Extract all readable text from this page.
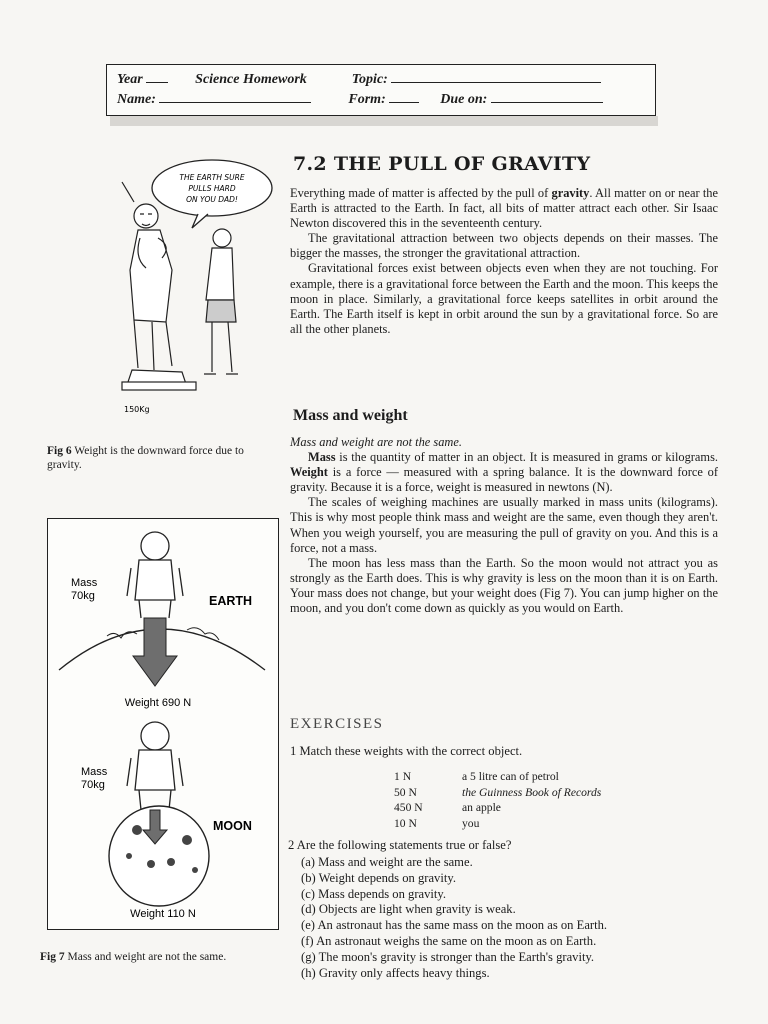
Year	Science Homework	Topic:
Name:	Form:	Due on:
7.2 THE PULL OF GRAVITY

Everything made of matter is affected by the pull of gravity. All matter on or near the Earth is attracted to the Earth. In fact, all bits of matter attract each other. Sir Isaac Newton discovered this in the seventeenth century.

The gravitational attraction between two objects depends on their masses. The bigger the masses, the stronger the gravitational attraction.

Gravitational forces exist between objects even when they are not touching. For example, there is a gravitational force between the Earth and the moon. This keeps the moon in place. Similarly, a gravitational force keeps satellites in orbit around the Earth. The Earth itself is kept in orbit around the sun by a gravitational force. So are all the other planets.

Mass and weight

Mass and weight are not the same.

Mass is the quantity of matter in an object. It is measured in grams or kilograms. Weight is a force — measured with a spring balance. It is the downward force of gravity. Because it is a force, weight is measured in newtons (N).

The scales of weighing machines are usually marked in mass units (kilograms). This is why most people think mass and weight are the same, even though they aren't. When you weigh yourself, you are measuring the pull of gravity on you. And this is a force, not a mass.

The moon has less mass than the Earth. So the moon would not attract you as strongly as the Earth does. This is why gravity is less on the moon than it is on Earth. Your mass does not change, but your weight does (Fig 7). You can jump higher on the moon, and you don't come down as quickly as you would on Earth.

EXERCISES
1 Match these weights with the correct object.
1 N	a 5 litre can of petrol
50 N	the Guinness Book of Records
450 N	an apple
10 N	you
2 Are the following statements true or false?
(a) Mass and weight are the same.
(b) Weight depends on gravity.
(c) Mass depends on gravity.
(d) Objects are light when gravity is weak.
(e) An astronaut has the same mass on the moon as on Earth.
(f) An astronaut weighs the same on the moon as on Earth.
(g) The moon's gravity is stronger than the Earth's gravity.
(h) Gravity only affects heavy things.
THE EARTH SURE
PULLS HARD
ON YOU DAD!
150Kg
Fig 6 Weight is the downward force due to gravity.
Mass
70kg	EARTH
Weight 690 N
Mass
70kg
MOON
Weight 110 N
Fig 7 Mass and weight are not the same.
